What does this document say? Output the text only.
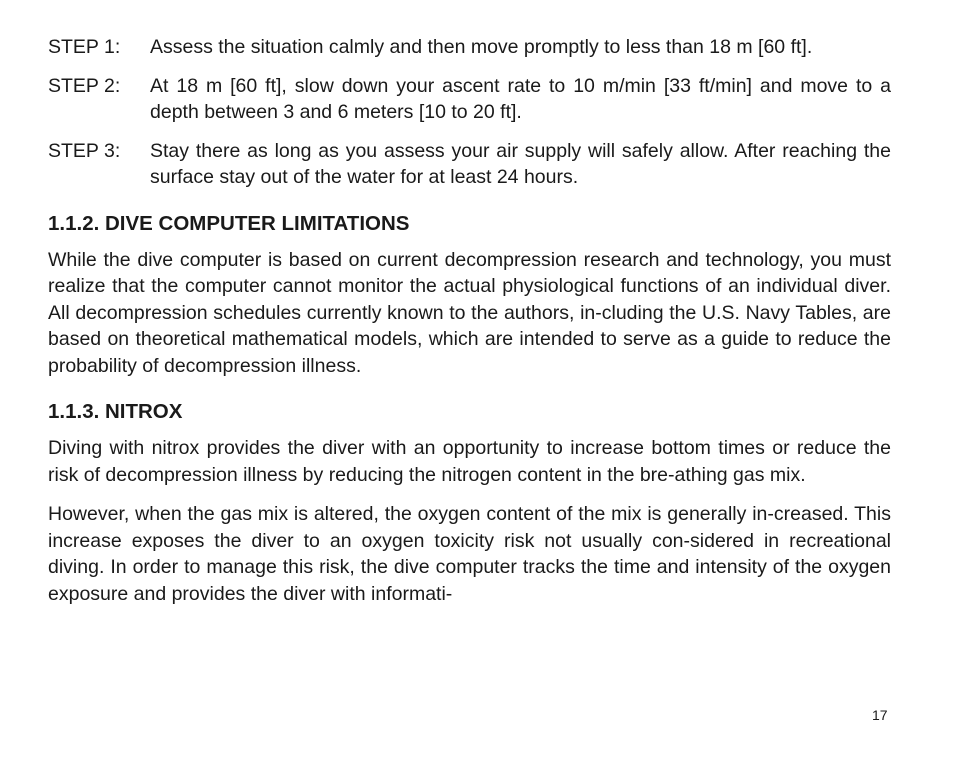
STEP 1:	Assess the situation calmly and then move promptly to less than 18 m [60 ft].
STEP 2:	At 18 m [60 ft], slow down your ascent rate to 10 m/min [33 ft/min] and move to a depth between 3 and 6 meters [10 to 20 ft].
STEP 3:	Stay there as long as you assess your air supply will safely allow. After reaching the surface stay out of the water for at least 24 hours.
1.1.2. DIVE COMPUTER LIMITATIONS

While the dive computer is based on current decompression research and technology, you must realize that the computer cannot monitor the actual physiological functions of an individual diver. All decompression schedules currently known to the authors, in-cluding the U.S. Navy Tables, are based on theoretical mathematical models, which are intended to serve as a guide to reduce the probability of decompression illness.

1.1.3. NITROX

Diving with nitrox provides the diver with an opportunity to increase bottom times or reduce the risk of decompression illness by reducing the nitrogen content in the bre-athing gas mix.

However, when the gas mix is altered, the oxygen content of the mix is generally in-creased. This increase exposes the diver to an oxygen toxicity risk not usually con-sidered in recreational diving. In order to manage this risk, the dive computer tracks the time and intensity of the oxygen exposure and provides the diver with informati-

17
